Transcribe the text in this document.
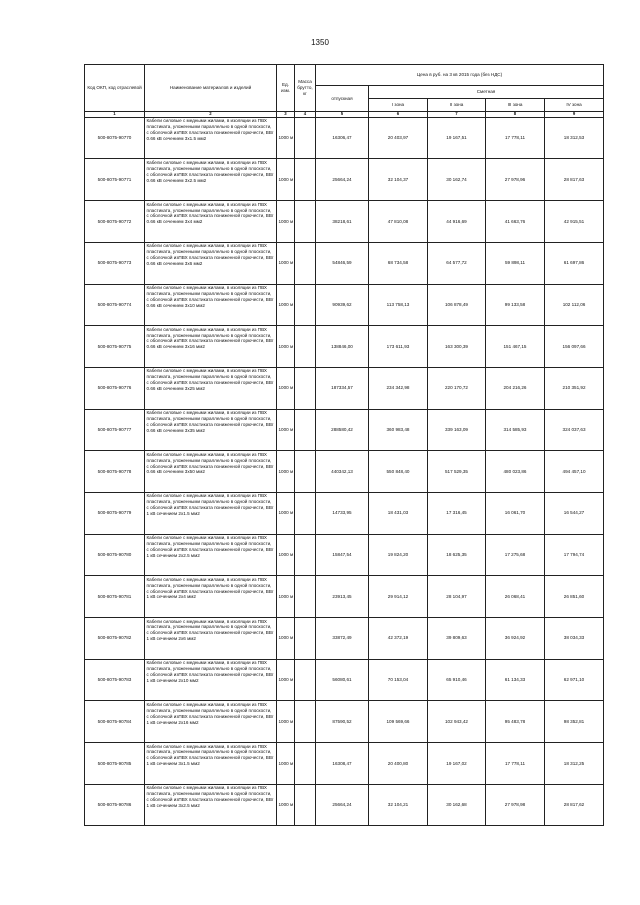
1350
Код ОКП, код отраслевой	Наименование материалов и изделий	Ед. изм.	Масса брутто, кг	Цена в руб. на 3 кв 2015 года (без НДС)				
				отпускная	Сметная			
					I зона	II зона	III зона	IV зона
1	2	3	4	5	6	7	8	9
500-8075-90770	Кабели силовые с медными жилами, в изоляции из ПВХ пластиката, уложенными параллельно в одной плоскости, с оболочкой изПВХ пластиката пониженной горючести, ВВг 0.66 кВ сечением 3х1.5 мм2	1000 м		16306,47	20 403,97	19 167,51	17 778,11	18 312,53
500-8075-90771	Кабели силовые с медными жилами, в изоляции из ПВХ пластиката, уложенными параллельно в одной плоскости, с оболочкой изПВХ пластиката пониженной горючести, ВВг 0.66 кВ сечением 3х2.5 мм2	1000 м		25664,24	32 104,37	30 162,74	27 978,96	28 817,63
500-8075-90772	Кабели силовые с медными жилами, в изоляции из ПВХ пластиката, уложенными параллельно в одной плоскости, с оболочкой изПВХ пластиката пониженной горючести, ВВг 0.66 кВ сечением 3х4 мм2	1000 м		38218,61	47 810,08	44 916,69	41 663,76	42 915,51
500-8075-90773	Кабели силовые с медными жилами, в изоляции из ПВХ пластиката, уложенными параллельно в одной плоскости, с оболочкой изПВХ пластиката пониженной горючести, ВВг 0.66 кВ сечением 3х6 мм2	1000 м		54846,59	68 734,58	64 577,72	59 898,11	61 697,86
500-8075-90774	Кабели силовые с медными жилами, в изоляции из ПВХ пластиката, уложенными параллельно в одной плоскости, с оболочкой изПВХ пластиката пониженной горючести, ВВг 0.66 кВ сечением 3х10 мм2	1000 м		90939,62	113 758,13	106 878,49	99 133,58	102 112,06
500-8075-90775	Кабели силовые с медными жилами, в изоляции из ПВХ пластиката, уложенными параллельно в одной плоскости, с оболочкой изПВХ пластиката пониженной горючести, ВВг 0.66 кВ сечением 3х16 мм2	1000 м		138846,00	173 611,93	163 300,39	151 467,15	156 097,66
500-8075-90776	Кабели силовые с медными жилами, в изоляции из ПВХ пластиката, уложенными параллельно в одной плоскости, с оболочкой изПВХ пластиката пониженной горючести, ВВг 0.66 кВ сечением 3х25 мм2	1000 м		187334,57	234 342,98	220 170,72	204 216,26	210 351,92
500-8075-90777	Кабели силовые с медными жилами, в изоляции из ПВХ пластиката, уложенными параллельно в одной плоскости, с оболочкой изПВХ пластиката пониженной горючести, ВВг 0.66 кВ сечением 3х35 мм2	1000 м		288580,42	360 983,48	339 163,09	314 585,93	324 037,63
500-8075-90778	Кабели силовые с медными жилами, в изоляции из ПВХ пластиката, уложенными параллельно в одной плоскости, с оболочкой изПВХ пластиката пониженной горючести, ВВг 0.66 кВ сечением 3х50 мм2	1000 м		440342,13	550 848,40	517 529,35	480 023,86	494 457,10
500-8075-90779	Кабели силовые с медными жилами, в изоляции из ПВХ пластиката, уложенными параллельно в одной плоскости, с оболочкой изПВХ пластиката пониженной горючести, ВВг 1 кВ сечением 2х1.5 мм2	1000 м		14733,95	18 431,03	17 316,45	16 061,70	16 544,27
500-8075-90780	Кабели силовые с медными жилами, в изоляции из ПВХ пластиката, уложенными параллельно в одной плоскости, с оболочкой изПВХ пластиката пониженной горючести, ВВг 1 кВ сечением 2х2.5 мм2	1000 м		15847,54	19 824,20	18 625,35	17 275,68	17 794,74
500-8075-90781	Кабели силовые с медными жилами, в изоляции из ПВХ пластиката, уложенными параллельно в одной плоскости, с оболочкой изПВХ пластиката пониженной горючести, ВВг 1 кВ сечением 2х4 мм2	1000 м		23913,45	29 914,12	28 104,97	26 068,41	26 851,60
500-8075-90782	Кабели силовые с медными жилами, в изоляции из ПВХ пластиката, уложенными параллельно в одной плоскости, с оболочкой изПВХ пластиката пониженной горючести, ВВг 1 кВ сечением 2х6 мм2	1000 м		33872,49	42 372,19	39 809,63	36 924,92	38 034,33
500-8075-90783	Кабели силовые с медными жилами, в изоляции из ПВХ пластиката, уложенными параллельно в одной плоскости, с оболочкой изПВХ пластиката пониженной горючести, ВВг 1 кВ сечением 2х10 мм2	1000 м		56080,61	70 153,04	65 910,46	61 134,33	62 971,10
500-8075-90784	Кабели силовые с медными жилами, в изоляции из ПВХ пластиката, уложенными параллельно в одной плоскости, с оболочкой изПВХ пластиката пониженной горючести, ВВг 1 кВ сечением 2х16 мм2	1000 м		87590,52	109 569,66	102 943,42	95 483,78	98 352,81
500-8075-90785	Кабели силовые с медными жилами, в изоляции из ПВХ пластиката, уложенными параллельно в одной плоскости, с оболочкой изПВХ пластиката пониженной горючести, ВВг 1 кВ сечением 3х1.5 мм2	1000 м		16308,47	20 400,80	19 167,02	17 778,11	18 312,25
500-8075-90786	Кабели силовые с медными жилами, в изоляции из ПВХ пластиката, уложенными параллельно в одной плоскости, с оболочкой изПВХ пластиката пониженной горючести, ВВг 1 кВ сечением 3х2.5 мм2	1000 м		25664,24	32 104,21	30 162,68	27 978,98	28 817,62
